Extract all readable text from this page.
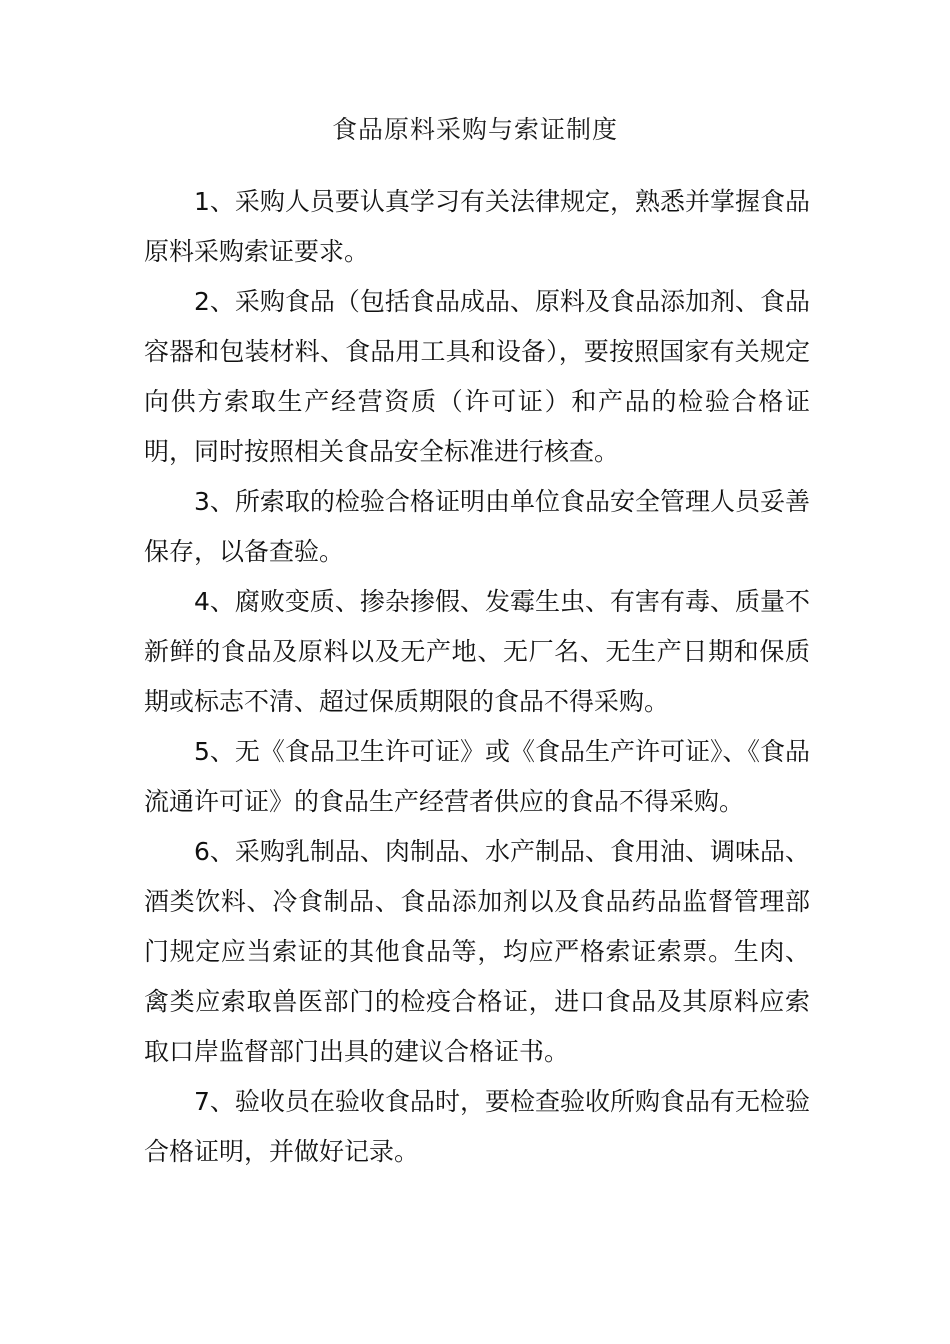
食品原料采购与索证制度

1、采购人员要认真学习有关法律规定，熟悉并掌握食品原料采购索证要求。

2、采购食品（包括食品成品、原料及食品添加剂、食品容器和包装材料、食品用工具和设备），要按照国家有关规定向供方索取生产经营资质（许可证）和产品的检验合格证明，同时按照相关食品安全标准进行核查。

3、所索取的检验合格证明由单位食品安全管理人员妥善保存，以备查验。

4、腐败变质、掺杂掺假、发霉生虫、有害有毒、质量不新鲜的食品及原料以及无产地、无厂名、无生产日期和保质期或标志不清、超过保质期限的食品不得采购。

5、无《食品卫生许可证》或《食品生产许可证》、《食品流通许可证》的食品生产经营者供应的食品不得采购。

6、采购乳制品、肉制品、水产制品、食用油、调味品、酒类饮料、冷食制品、食品添加剂以及食品药品监督管理部门规定应当索证的其他食品等，均应严格索证索票。生肉、禽类应索取兽医部门的检疫合格证，进口食品及其原料应索取口岸监督部门出具的建议合格证书。

7、验收员在验收食品时，要检查验收所购食品有无检验合格证明，并做好记录。
